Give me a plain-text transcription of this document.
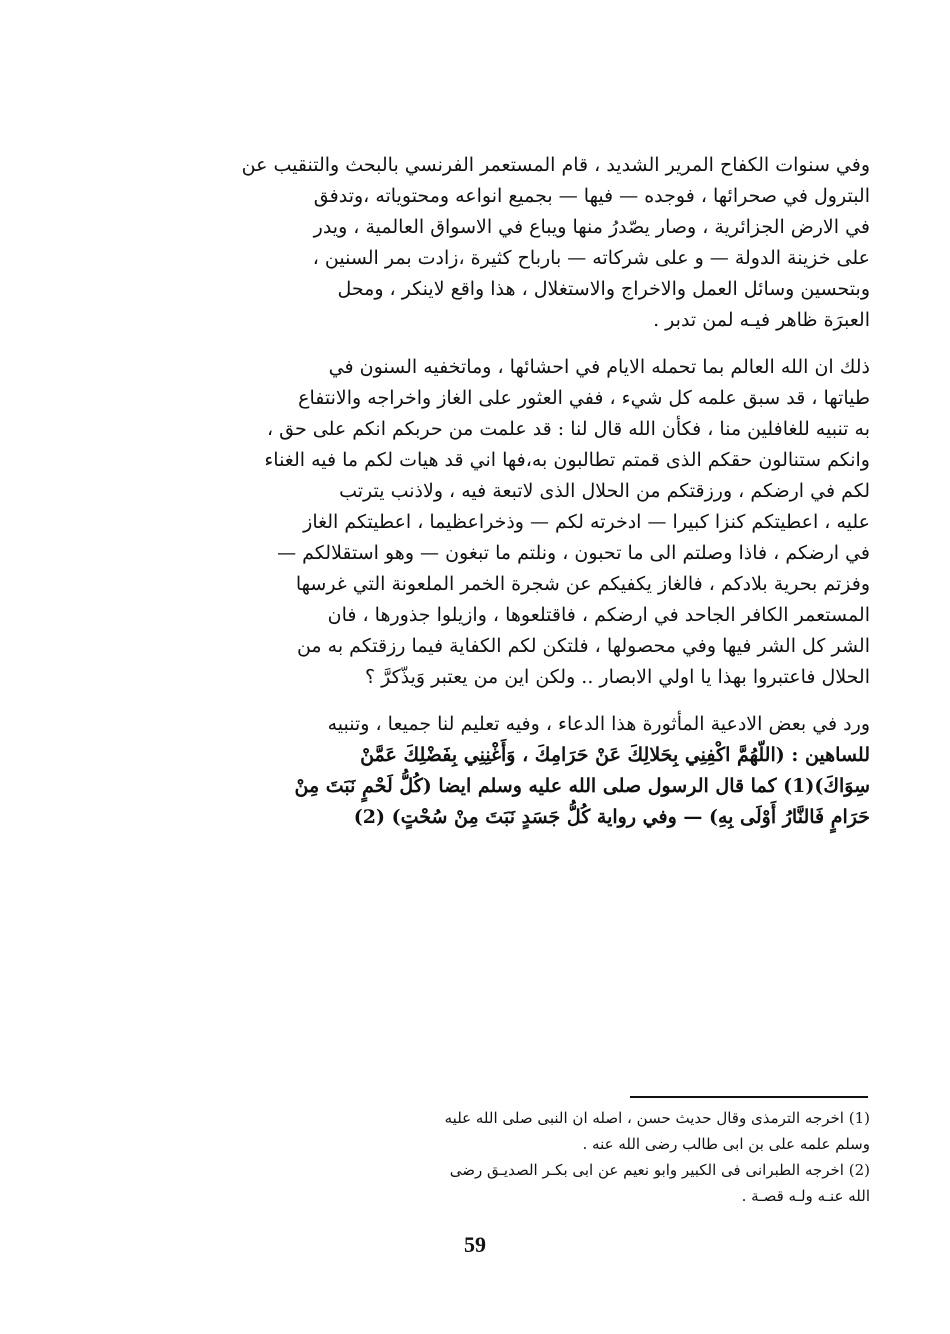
وفي سنوات الكفاح المرير الشديد ، قام المستعمر الفرنسي بالبحث والتنقيب عن
البترول في صحرائها ، فوجده — فيها — بجميع انواعه ومحتوياته ،وتدفق
في الارض الجزائرية ، وصار يصّدرُ منها ويباع في الاسواق العالمية ، ويدر
على خزينة الدولة — و على شركاته — بارباح كثيرة ،زادت بمر السنين ،
وبتحسين وسائل العمل والاخراج والاستغلال ، هذا واقع لاينكر ، ومحل
العبرَة ظاهر فيـه لمن تدبر .

ذلك ان الله العالم بما تحمله الايام في احشائها ، وماتخفيه السنون في
طياتها ، قد سبق علمه كل شيء ، ففي العثور على الغاز واخراجه والانتفاع
به تنبيه للغافلين منا ، فكأن الله قال لنا : قد علمت من حربكم انكم على حق ،
وانكم ستنالون حقكم الذى قمتم تطالبون به،فها اني قد هيات لكم ما فيه الغناء
لكم في ارضكم ، ورزقتكم من الحلال الذى لاتبعة فيه ، ولاذنب يترتب
عليه ، اعطيتكم كنزا كبيرا — ادخرته لكم — وذخراعظيما ، اعطيتكم الغاز
في ارضكم ، فاذا وصلتم الى ما تحبون ، ونلتم ما تبغون — وهو استقلالكم —
وفزتم بحرية بلادكم ، فالغاز يكفيكم عن شجرة الخمر الملعونة التي غرسها
المستعمر الكافر الجاحد في ارضكم ، فاقتلعوها ، وازيلوا جذورها ، فان
الشر كل الشر فيها وفي محصولها ، فلتكن لكم الكفاية فيما رزقتكم به من
الحلال فاعتبروا بهذا يا اولي الابصار .. ولكن اين من يعتبر وَيذّكرَّ ؟

ورد في بعض الادعية المأثورة هذا الدعاء ، وفيه تعليم لنا جميعا ، وتنبيه
للساهين : (اللّهُمَّ اكْفِنِي بِحَلالِكَ عَنْ حَرَامِكَ ، وَأَغْنِنِي بِفَضْلِكَ عَمَّنْ
سِوَاكَ)(1) كما قال الرسول صلى الله عليه وسلم ايضا (كُلُّ لَحْمٍ نَبَتَ مِنْ
حَرَامٍ فَالنَّارُ أَوْلَى بِهِ) — وفي رواية كُلُّ جَسَدٍ نَبَتَ مِنْ سُحْتٍ) (2)

(1) اخرجه الترمذى وقال حديث حسن ، اصله ان النبى صلى الله عليه
وسلم علمه على بن ابى طالب رضى الله عنه .

(2) اخرجه الطبرانى فى الكبير وابو نعيم عن ابى بكـر الصديـق رضى
الله عنـه ولـه قصـة .

59
